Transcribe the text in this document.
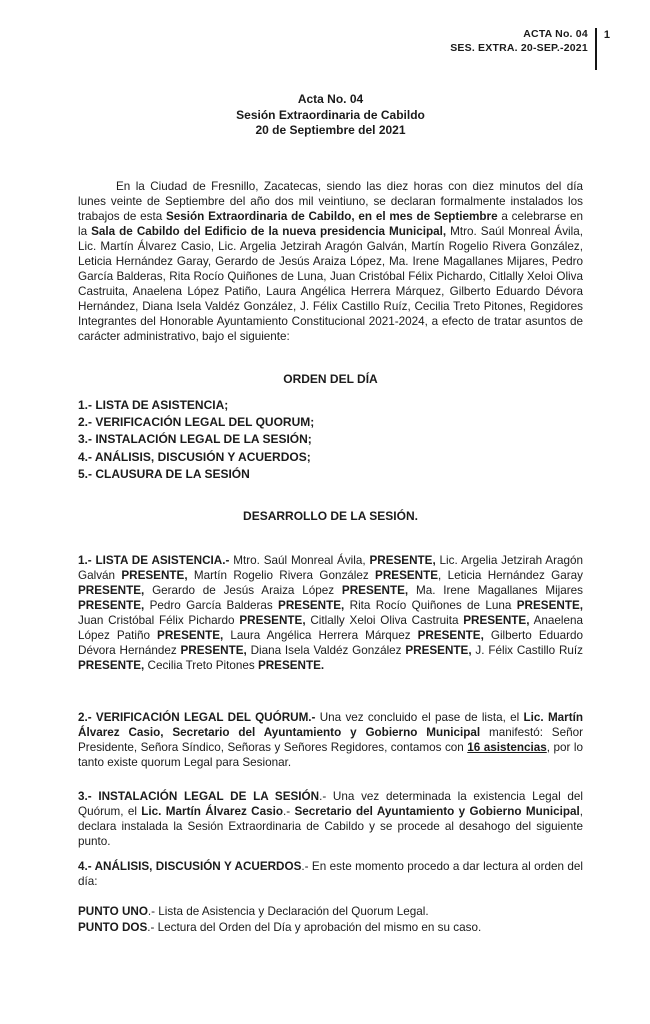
ACTA No. 04
SES. EXTRA. 20-SEP.-2021
1
Acta No. 04
Sesión Extraordinaria de Cabildo
20 de Septiembre del 2021
En la Ciudad de Fresnillo, Zacatecas, siendo las diez horas con diez minutos del día lunes veinte de Septiembre del año dos mil veintiuno, se declaran formalmente instalados los trabajos de esta Sesión Extraordinaria de Cabildo, en el mes de Septiembre a celebrarse en la Sala de Cabildo del Edificio de la nueva presidencia Municipal, Mtro. Saúl Monreal Ávila, Lic. Martín Álvarez Casio, Lic. Argelia Jetzirah Aragón Galván, Martín Rogelio Rivera González, Leticia Hernández Garay, Gerardo de Jesús Araiza López, Ma. Irene Magallanes Mijares, Pedro García Balderas, Rita Rocío Quiñones de Luna, Juan Cristóbal Félix Pichardo, Citlally Xeloi Oliva Castruita, Anaelena López Patiño, Laura Angélica Herrera Márquez, Gilberto Eduardo Dévora Hernández, Diana Isela Valdéz González, J. Félix Castillo Ruíz, Cecilia Treto Pitones, Regidores Integrantes del Honorable Ayuntamiento Constitucional 2021-2024, a efecto de tratar asuntos de carácter administrativo, bajo el siguiente:
ORDEN DEL DÍA
1.- LISTA DE ASISTENCIA;
2.- VERIFICACIÓN LEGAL DEL QUORUM;
3.- INSTALACIÓN LEGAL DE LA SESIÓN;
4.- ANÁLISIS, DISCUSIÓN Y ACUERDOS;
5.- CLAUSURA DE LA SESIÓN
DESARROLLO DE LA SESIÓN.
1.- LISTA DE ASISTENCIA.- Mtro. Saúl Monreal Ávila, PRESENTE, Lic. Argelia Jetzirah Aragón Galván PRESENTE, Martín Rogelio Rivera González PRESENTE, Leticia Hernández Garay PRESENTE, Gerardo de Jesús Araiza López PRESENTE, Ma. Irene Magallanes Mijares PRESENTE, Pedro García Balderas PRESENTE, Rita Rocío Quiñones de Luna PRESENTE, Juan Cristóbal Félix Pichardo PRESENTE, Citlally Xeloi Oliva Castruita PRESENTE, Anaelena López Patiño PRESENTE, Laura Angélica Herrera Márquez PRESENTE, Gilberto Eduardo Dévora Hernández PRESENTE, Diana Isela Valdéz González PRESENTE, J. Félix Castillo Ruíz PRESENTE, Cecilia Treto Pitones PRESENTE.
2.- VERIFICACIÓN LEGAL DEL QUÓRUM.- Una vez concluido el pase de lista, el Lic. Martín Álvarez Casio, Secretario del Ayuntamiento y Gobierno Municipal manifestó: Señor Presidente, Señora Síndico, Señoras y Señores Regidores, contamos con 16 asistencias, por lo tanto existe quorum Legal para Sesionar.
3.- INSTALACIÓN LEGAL DE LA SESIÓN.- Una vez determinada la existencia Legal del Quórum, el Lic. Martín Álvarez Casio.- Secretario del Ayuntamiento y Gobierno Municipal, declara instalada la Sesión Extraordinaria de Cabildo y se procede al desahogo del siguiente punto.
4.- ANÁLISIS, DISCUSIÓN Y ACUERDOS.- En este momento procedo a dar lectura al orden del día:
PUNTO UNO.- Lista de Asistencia y Declaración del Quorum Legal.
PUNTO DOS.- Lectura del Orden del Día y aprobación del mismo en su caso.
